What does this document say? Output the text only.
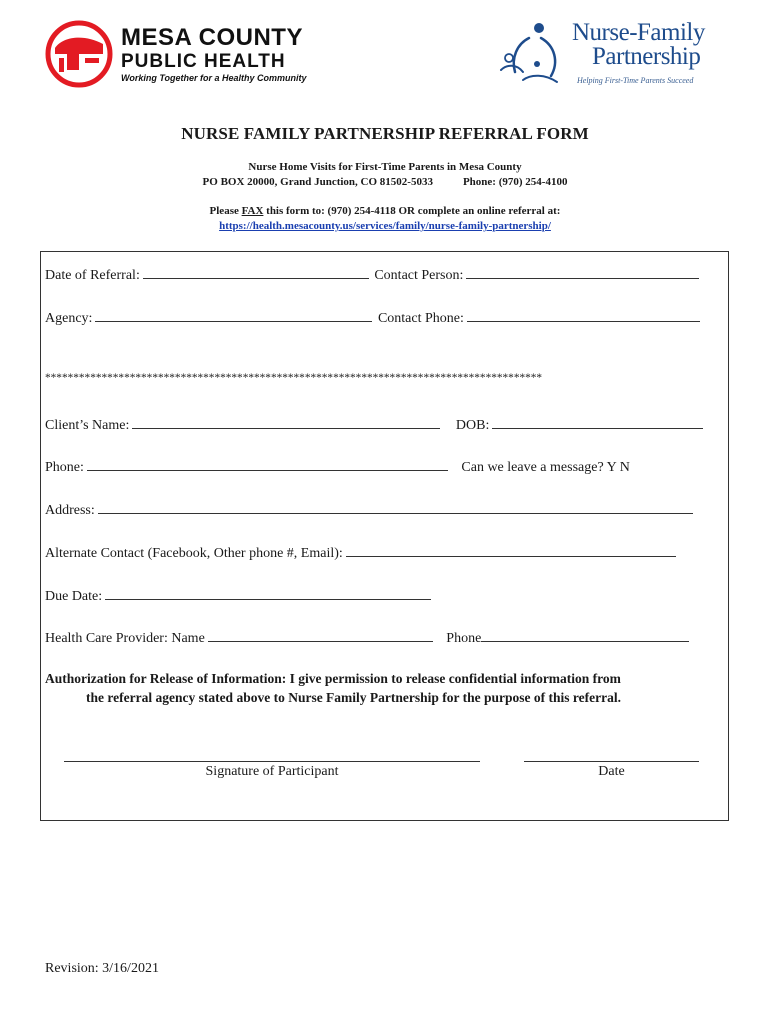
MESA COUNTY
PUBLIC HEALTH
Working Together for a Healthy Community
Nurse-Family
Partnership
Helping First-Time Parents Succeed
NURSE FAMILY PARTNERSHIP REFERRAL FORM
Nurse Home Visits for First-Time Parents in Mesa County
PO BOX 20000, Grand Junction, CO 81502-5033	Phone: (970) 254-4100
Please FAX this form to: (970) 254-4118 OR complete an online referral at:
https://health.mesacounty.us/services/family/nurse-family-partnership/
Date of Referral:	Contact Person:
Agency:	Contact Phone:
****************************************************************************************
Client’s Name:	DOB:
Phone:	Can we leave a message? Y N
Address:
Alternate Contact (Facebook, Other phone #, Email):
Due Date:
Health Care Provider: Name	Phone
Authorization for Release of Information: I give permission to release confidential information from
the referral agency stated above to Nurse Family Partnership for the purpose of this referral.
Signature of Participant	Date
Revision: 3/16/2021
